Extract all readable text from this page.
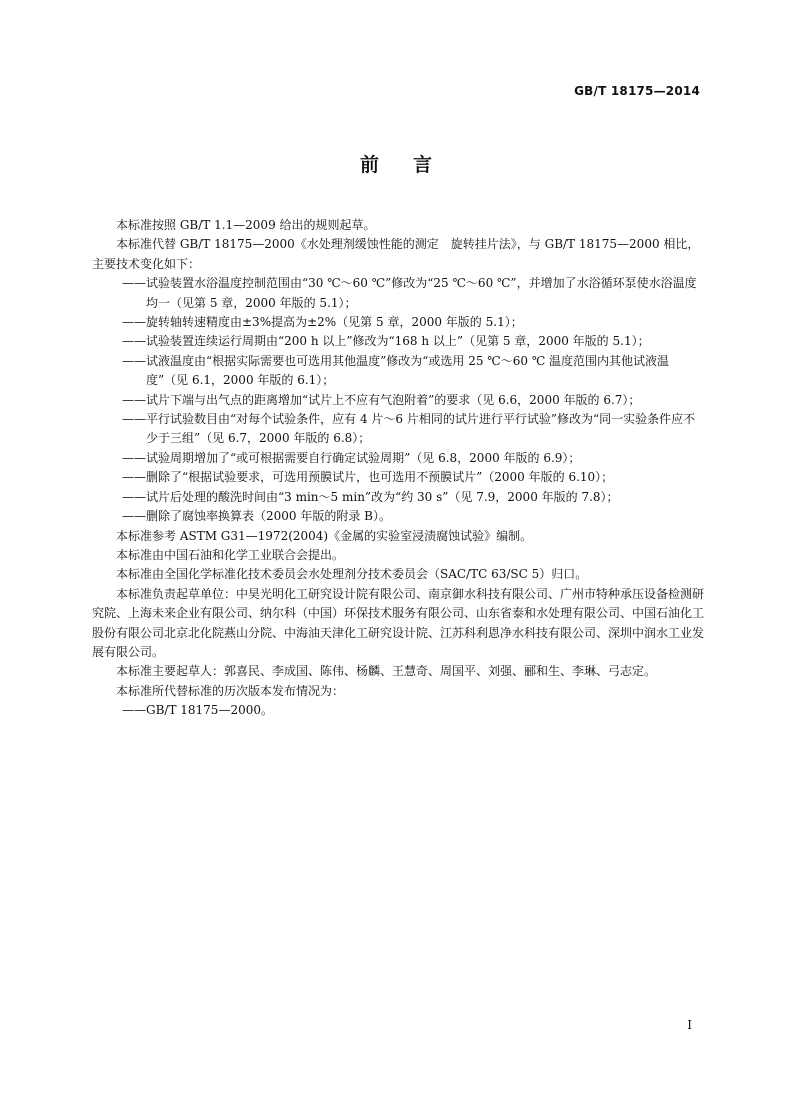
GB/T 18175—2014
前言

本标准按照 GB/T 1.1—2009 给出的规则起草。

本标准代替 GB/T 18175—2000《水处理剂缓蚀性能的测定　旋转挂片法》，与 GB/T 18175—2000 相比，主要技术变化如下：

——试验装置水浴温度控制范围由“30 ℃～60 ℃”修改为“25 ℃～60 ℃”，并增加了水浴循环泵使水浴温度均一（见第 5 章，2000 年版的 5.1）；

——旋转轴转速精度由±3%提高为±2%（见第 5 章，2000 年版的 5.1）；

——试验装置连续运行周期由“200 h 以上”修改为“168 h 以上”（见第 5 章，2000 年版的 5.1）；

——试液温度由“根据实际需要也可选用其他温度”修改为“或选用 25 ℃～60 ℃ 温度范围内其他试液温度”（见 6.1，2000 年版的 6.1）；

——试片下端与出气点的距离增加“试片上不应有气泡附着”的要求（见 6.6，2000 年版的 6.7）；

——平行试验数目由“对每个试验条件，应有 4 片～6 片相同的试片进行平行试验”修改为“同一实验条件应不少于三组”（见 6.7，2000 年版的 6.8）；

——试验周期增加了“或可根据需要自行确定试验周期”（见 6.8，2000 年版的 6.9）；

——删除了“根据试验要求，可选用预膜试片，也可选用不预膜试片”（2000 年版的 6.10）；

——试片后处理的酸洗时间由“3 min～5 min”改为“约 30 s”（见 7.9，2000 年版的 7.8）；

——删除了腐蚀率换算表（2000 年版的附录 B）。

本标准参考 ASTM G31—1972(2004)《金属的实验室浸渍腐蚀试验》编制。

本标准由中国石油和化学工业联合会提出。

本标准由全国化学标准化技术委员会水处理剂分技术委员会（SAC/TC 63/SC 5）归口。

本标准负责起草单位：中昊光明化工研究设计院有限公司、南京御水科技有限公司、广州市特种承压设备检测研究院、上海未来企业有限公司、纳尔科（中国）环保技术服务有限公司、山东省泰和水处理有限公司、中国石油化工股份有限公司北京北化院燕山分院、中海油天津化工研究设计院、江苏科利恩净水科技有限公司、深圳中润水工业发展有限公司。

本标准主要起草人：郭喜民、李成国、陈伟、杨麟、王慧奇、周国平、刘强、郦和生、李琳、弓志定。

本标准所代替标准的历次版本发布情况为：

——GB/T 18175—2000。

I
